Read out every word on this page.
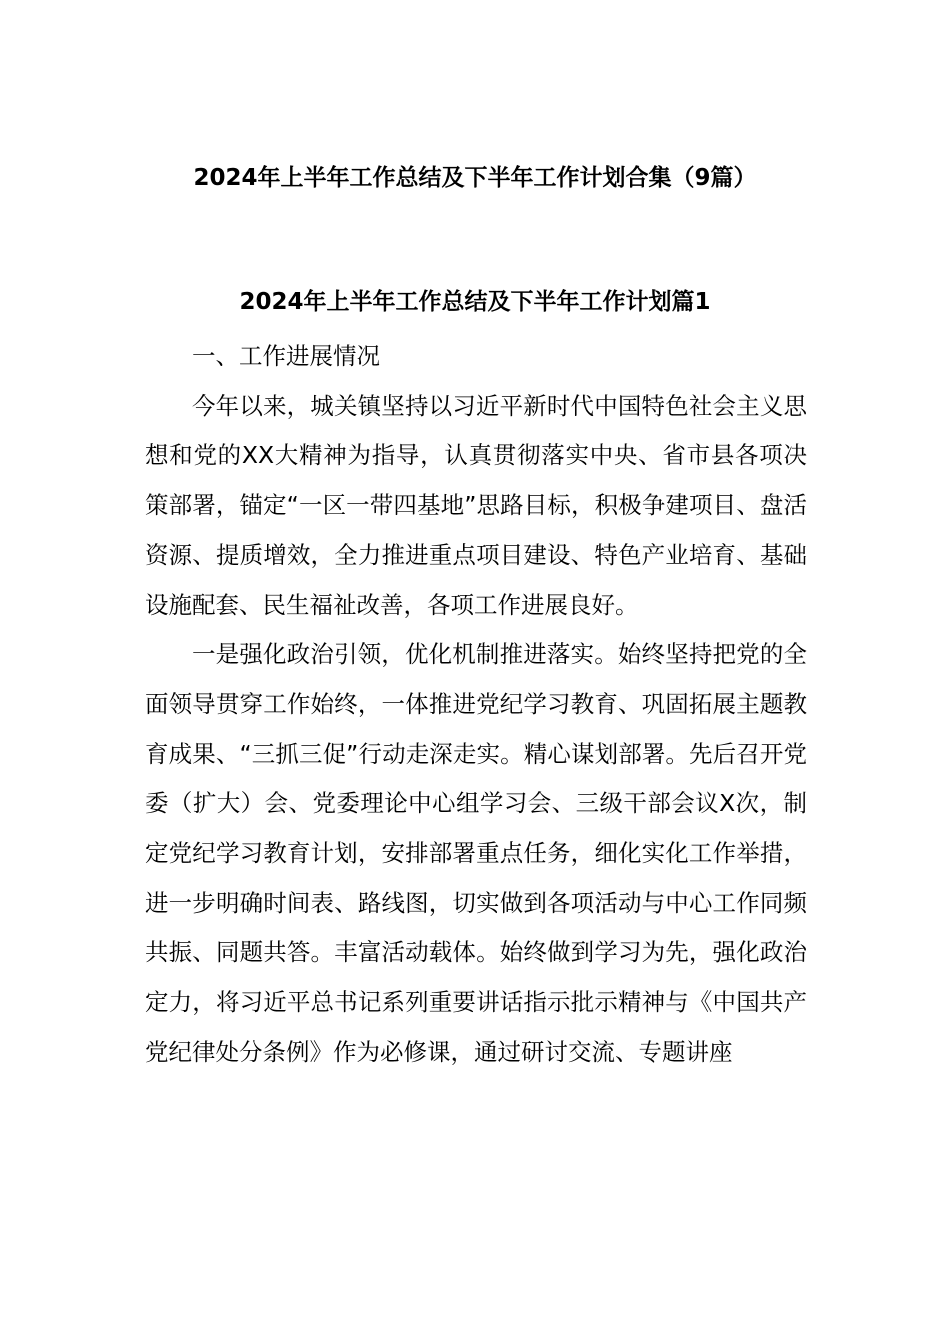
2024年上半年工作总结及下半年工作计划合集（9篇）
2024年上半年工作总结及下半年工作计划篇1

一、工作进展情况

今年以来，城关镇坚持以习近平新时代中国特色社会主义思想和党的XX大精神为指导，认真贯彻落实中央、省市县各项决策部署，锚定“一区一带四基地”思路目标，积极争建项目、盘活资源、提质增效，全力推进重点项目建设、特色产业培育、基础设施配套、民生福祉改善，各项工作进展良好。

一是强化政治引领，优化机制推进落实。始终坚持把党的全面领导贯穿工作始终，一体推进党纪学习教育、巩固拓展主题教育成果、“三抓三促”行动走深走实。精心谋划部署。先后召开党委（扩大）会、党委理论中心组学习会、三级干部会议X次，制定党纪学习教育计划，安排部署重点任务，细化实化工作举措，进一步明确时间表、路线图，切实做到各项活动与中心工作同频共振、同题共答。丰富活动载体。始终做到学习为先，强化政治定力，将习近平总书记系列重要讲话指示批示精神与《中国共产党纪律处分条例》作为必修课，通过研讨交流、专题讲座
